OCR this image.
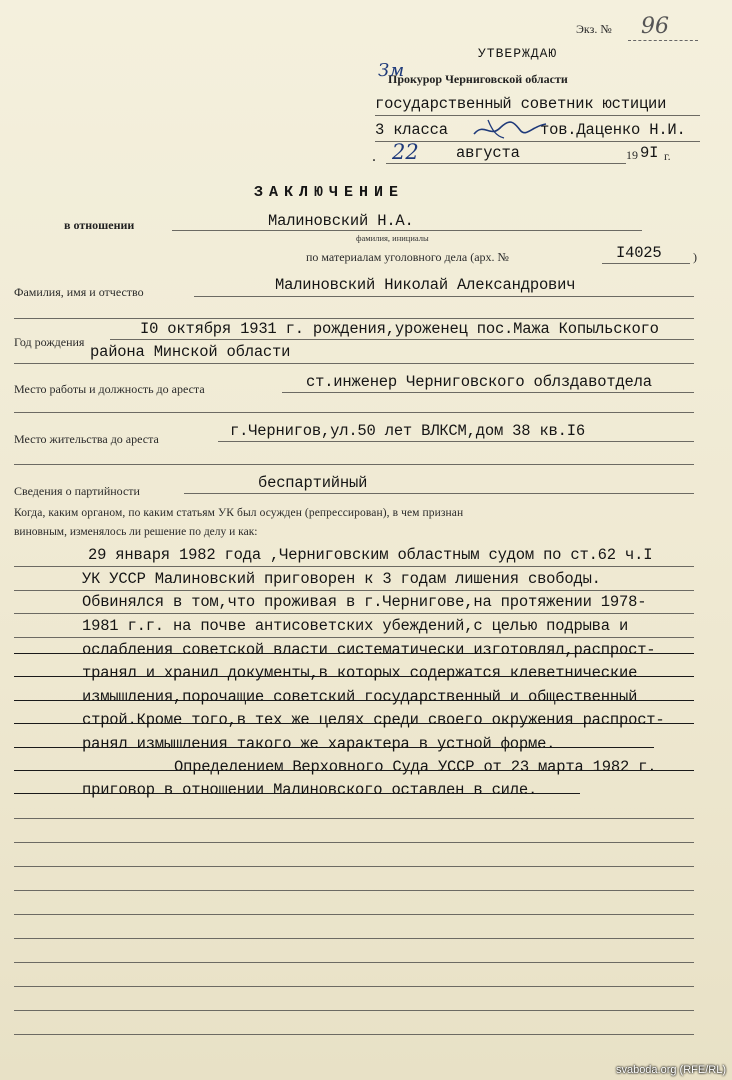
Экз. № 96
УТВЕРЖДАЮ
Прокурор Черниговской области
Зм
государственный советник юстиции
3 класса	тов.Даценко Н.И.
. 22 августа	19 9I г.
ЗАКЛЮЧЕНИЕ
в отношении	Малиновский Н.А.
фамилия, инициалы
по материалам уголовного дела (арх. №	I4025	)
Фамилия, имя и отчество	Малиновский Николай Александрович
Год рождения
I0 октября 1931 г. рождения,уроженец пос.Мажа Копыльского
района Минской области
Место работы и должность до ареста	ст.инженер Черниговского облздавотдела
Место жительства до ареста	г.Чернигов,ул.50 лет ВЛКСМ,дом 38 кв.I6
Сведения о партийности	беспартийный
Когда, каким органом, по каким статьям УК был осужден (репрессирован), в чем признан
виновным, изменялось ли решение по делу и как:
29 января 1982 года ,Черниговским областным судом по ст.62 ч.I
УК УССР Малиновский приговорен к 3 годам лишения свободы.
Обвинялся в том,что проживая в г.Чернигове,на протяжении 1978-
1981 г.г. на почве антисоветских убеждений,с целью подрыва и
ослабления советской власти систематически изготовлял,распрост-
транял и хранил документы,в которых содержатся клеветнические
измышления,порочащие советский государственный и общественный
строй.Кроме того,в тех же целях среди своего окружения распрост-
ранял измышления такого же характера в устной форме.
Определением Верховного Суда УССР от 23 марта 1982 г.
приговор в отношении Малиновского оставлен в силе.
svaboda.org (RFE/RL)
